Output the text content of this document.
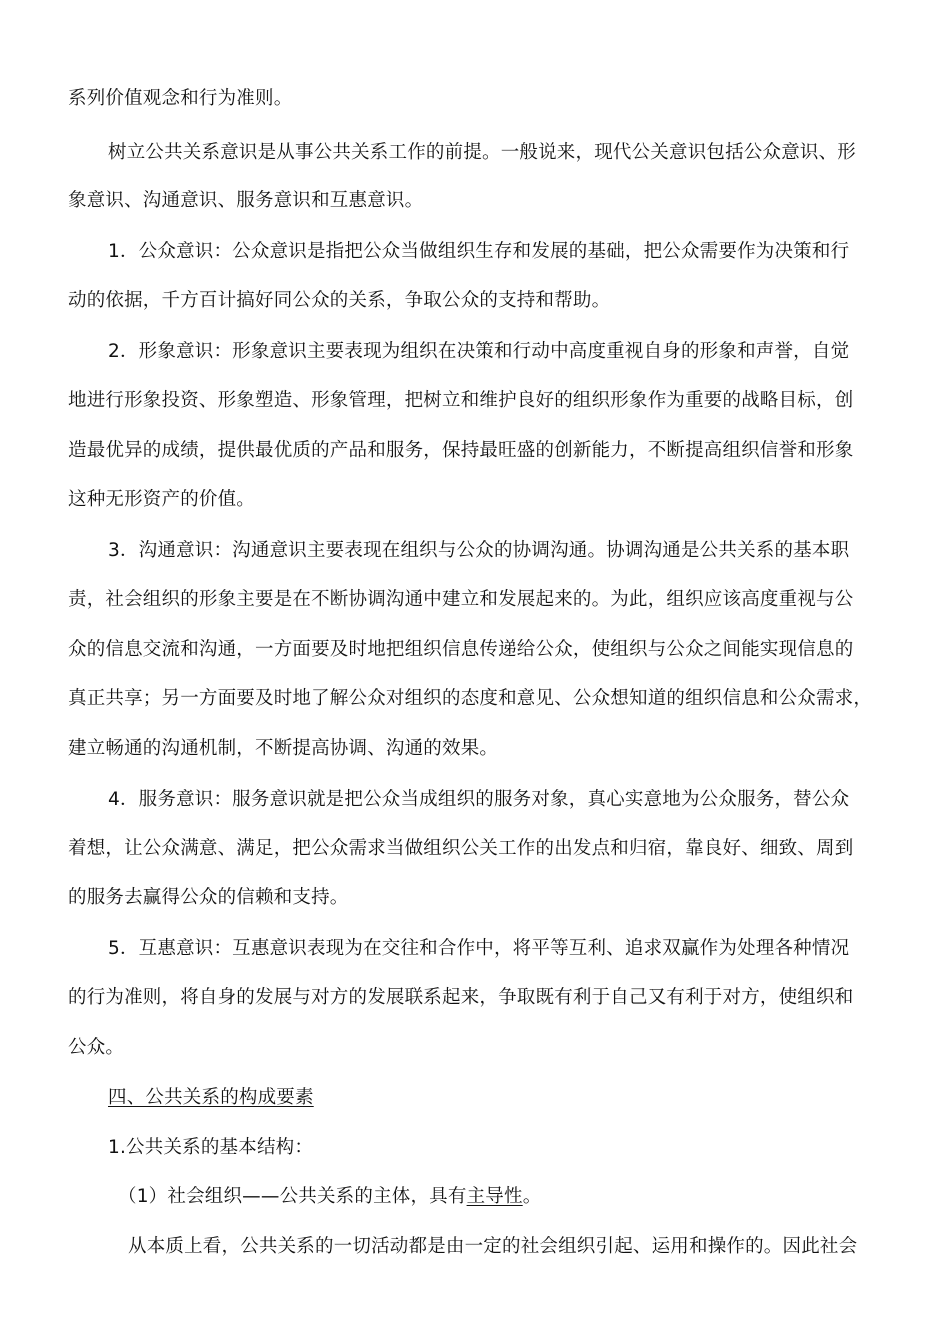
系列价值观念和行为准则。
树立公共关系意识是从事公共关系工作的前提。一般说来，现代公关意识包括公众意识、形
象意识、沟通意识、服务意识和互惠意识。
1．公众意识：公众意识是指把公众当做组织生存和发展的基础，把公众需要作为决策和行
动的依据，千方百计搞好同公众的关系，争取公众的支持和帮助。
2．形象意识：形象意识主要表现为组织在决策和行动中高度重视自身的形象和声誉，自觉
地进行形象投资、形象塑造、形象管理，把树立和维护良好的组织形象作为重要的战略目标，创
造最优异的成绩，提供最优质的产品和服务，保持最旺盛的创新能力，不断提高组织信誉和形象
这种无形资产的价值。
3．沟通意识：沟通意识主要表现在组织与公众的协调沟通。协调沟通是公共关系的基本职
责，社会组织的形象主要是在不断协调沟通中建立和发展起来的。为此，组织应该高度重视与公
众的信息交流和沟通，一方面要及时地把组织信息传递给公众，使组织与公众之间能实现信息的
真正共享；另一方面要及时地了解公众对组织的态度和意见、公众想知道的组织信息和公众需求，
建立畅通的沟通机制，不断提高协调、沟通的效果。
4．服务意识：服务意识就是把公众当成组织的服务对象，真心实意地为公众服务，替公众
着想，让公众满意、满足，把公众需求当做组织公关工作的出发点和归宿，靠良好、细致、周到
的服务去赢得公众的信赖和支持。
5．互惠意识：互惠意识表现为在交往和合作中，将平等互利、追求双赢作为处理各种情况
的行为准则，将自身的发展与对方的发展联系起来，争取既有利于自己又有利于对方，使组织和
公众。
四、公共关系的构成要素
1.公共关系的基本结构：
（1）社会组织——公共关系的主体，具有主导性。
从本质上看，公共关系的一切活动都是由一定的社会组织引起、运用和操作的。因此社会
